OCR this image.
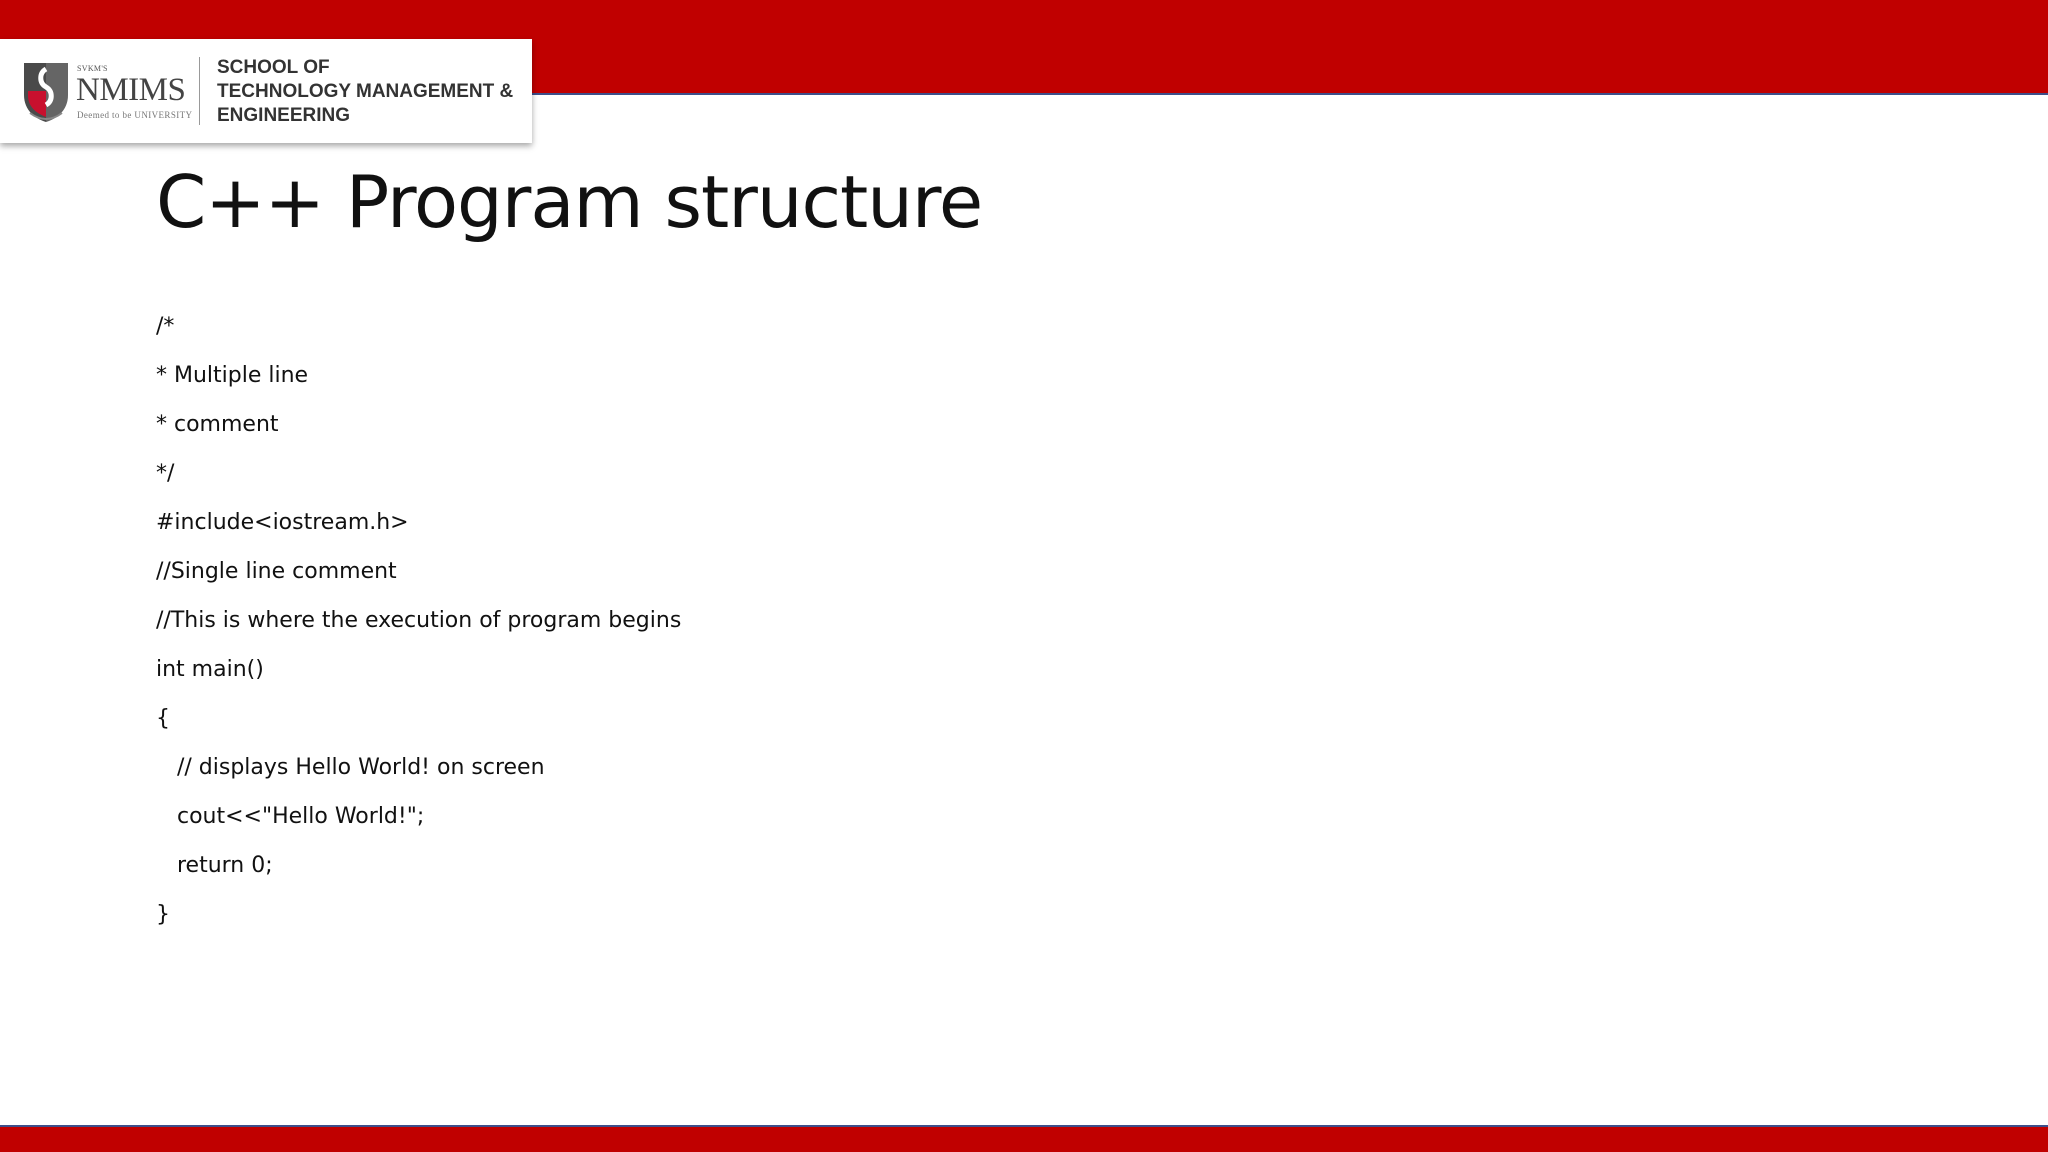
SVKM'S
NMIMS
Deemed to be UNIVERSITY
SCHOOL OF
TECHNOLOGY MANAGEMENT &
ENGINEERING
C++ Program structure
/*
* Multiple line
* comment
*/
#include<iostream.h>
//Single line comment
//This is where the execution of program begins
int main()
{
// displays Hello World! on screen
cout<<"Hello World!";
return 0;
}
